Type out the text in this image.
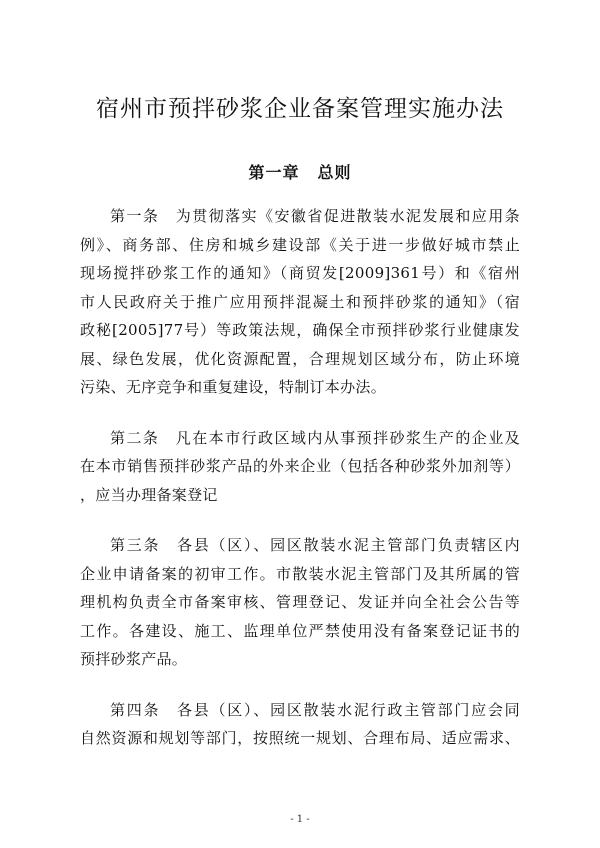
宿州市预拌砂浆企业备案管理实施办法
第一章 总则

第一条　为贯彻落实《安徽省促进散装水泥发展和应用条
例》、商务部、住房和城乡建设部《关于进一步做好城市禁止
现场搅拌砂浆工作的通知》（商贸发[2009]361号）和《宿州
市人民政府关于推广应用预拌混凝土和预拌砂浆的通知》（宿
政秘[2005]77号）等政策法规，确保全市预拌砂浆行业健康发
展、绿色发展，优化资源配置，合理规划区域分布，防止环境
污染、无序竞争和重复建设，特制订本办法。

第二条　凡在本市行政区域内从事预拌砂浆生产的企业及
在本市销售预拌砂浆产品的外来企业（包括各种砂浆外加剂等）
，应当办理备案登记

第三条　各县（区）、园区散装水泥主管部门负责辖区内
企业申请备案的初审工作。市散装水泥主管部门及其所属的管
理机构负责全市备案审核、管理登记、发证并向全社会公告等
工作。各建设、施工、监理单位严禁使用没有备案登记证书的
预拌砂浆产品。

第四条　各县（区）、园区散装水泥行政主管部门应会同
自然资源和规划等部门，按照统一规划、合理布局、适应需求、

- 1 -
